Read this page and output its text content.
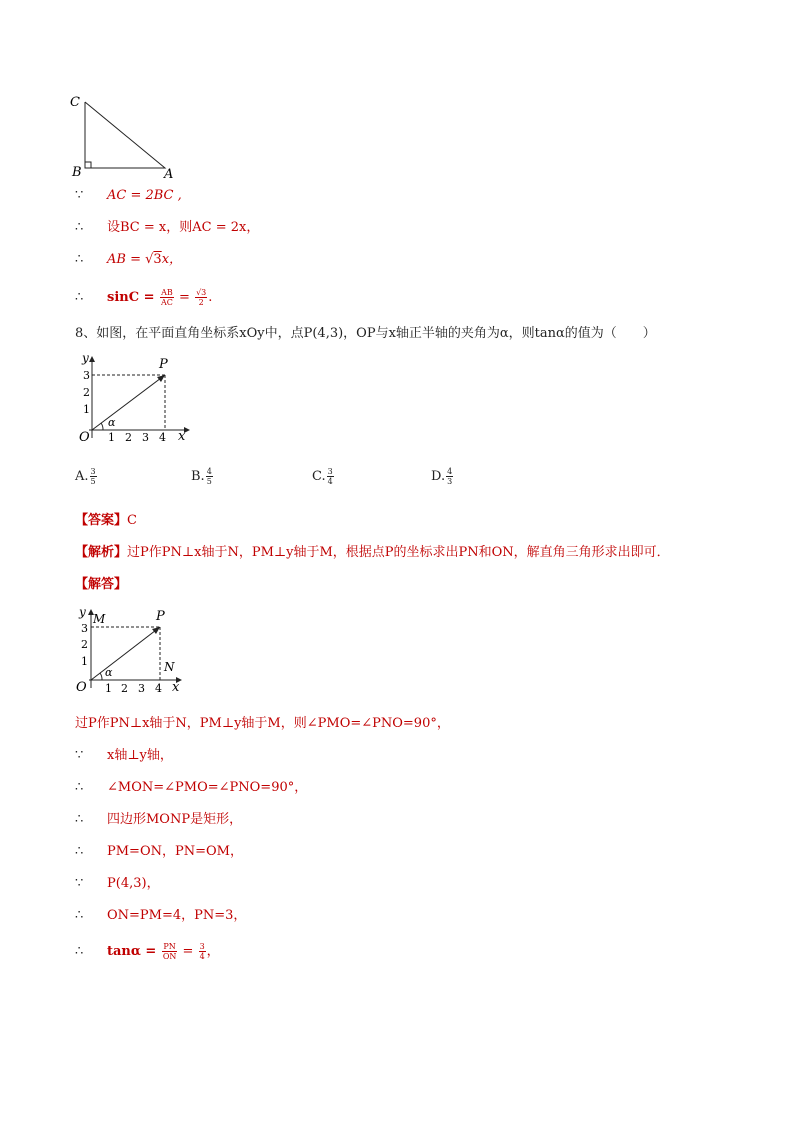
C
B	A
∵ AC = 2BC ,
∴ 设BC = x，则AC = 2x，
∴ AB = √3x，
∴ $\sin C = \frac{AB}{AC} = \frac{√3}{2}$ .
8、如图，在平面直角坐标系xOy中，点P(4,3)，OP与x轴正半轴的夹角为α，则tanα的值为（　　）
y
x
O
P
α
1 2 3 4
1
2
3
A. $\frac{3}{5}$	B. $\frac{4}{5}$	C. $\frac{3}{4}$	D. $\frac{4}{3}$
【答案】C
【解析】过P作PN⊥x轴于N，PM⊥y轴于M，根据点P的坐标求出PN和ON，解直角三角形求出即可．
【解答】
y M
x
O
P
N
α
1 2 3 4
1
2
3
过P作PN⊥x轴于N，PM⊥y轴于M，则∠PMO=∠PNO=90°，
∵ x轴⊥y轴，
∴ ∠MON=∠PMO=∠PNO=90°，
∴ 四边形MONP是矩形，
∴ PM=ON，PN=OM，
∵ P(4,3)，
∴ ON=PM=4，PN=3，
∴ $\tan\alpha = \frac{PN}{ON} = \frac{3}{4}$ ，
